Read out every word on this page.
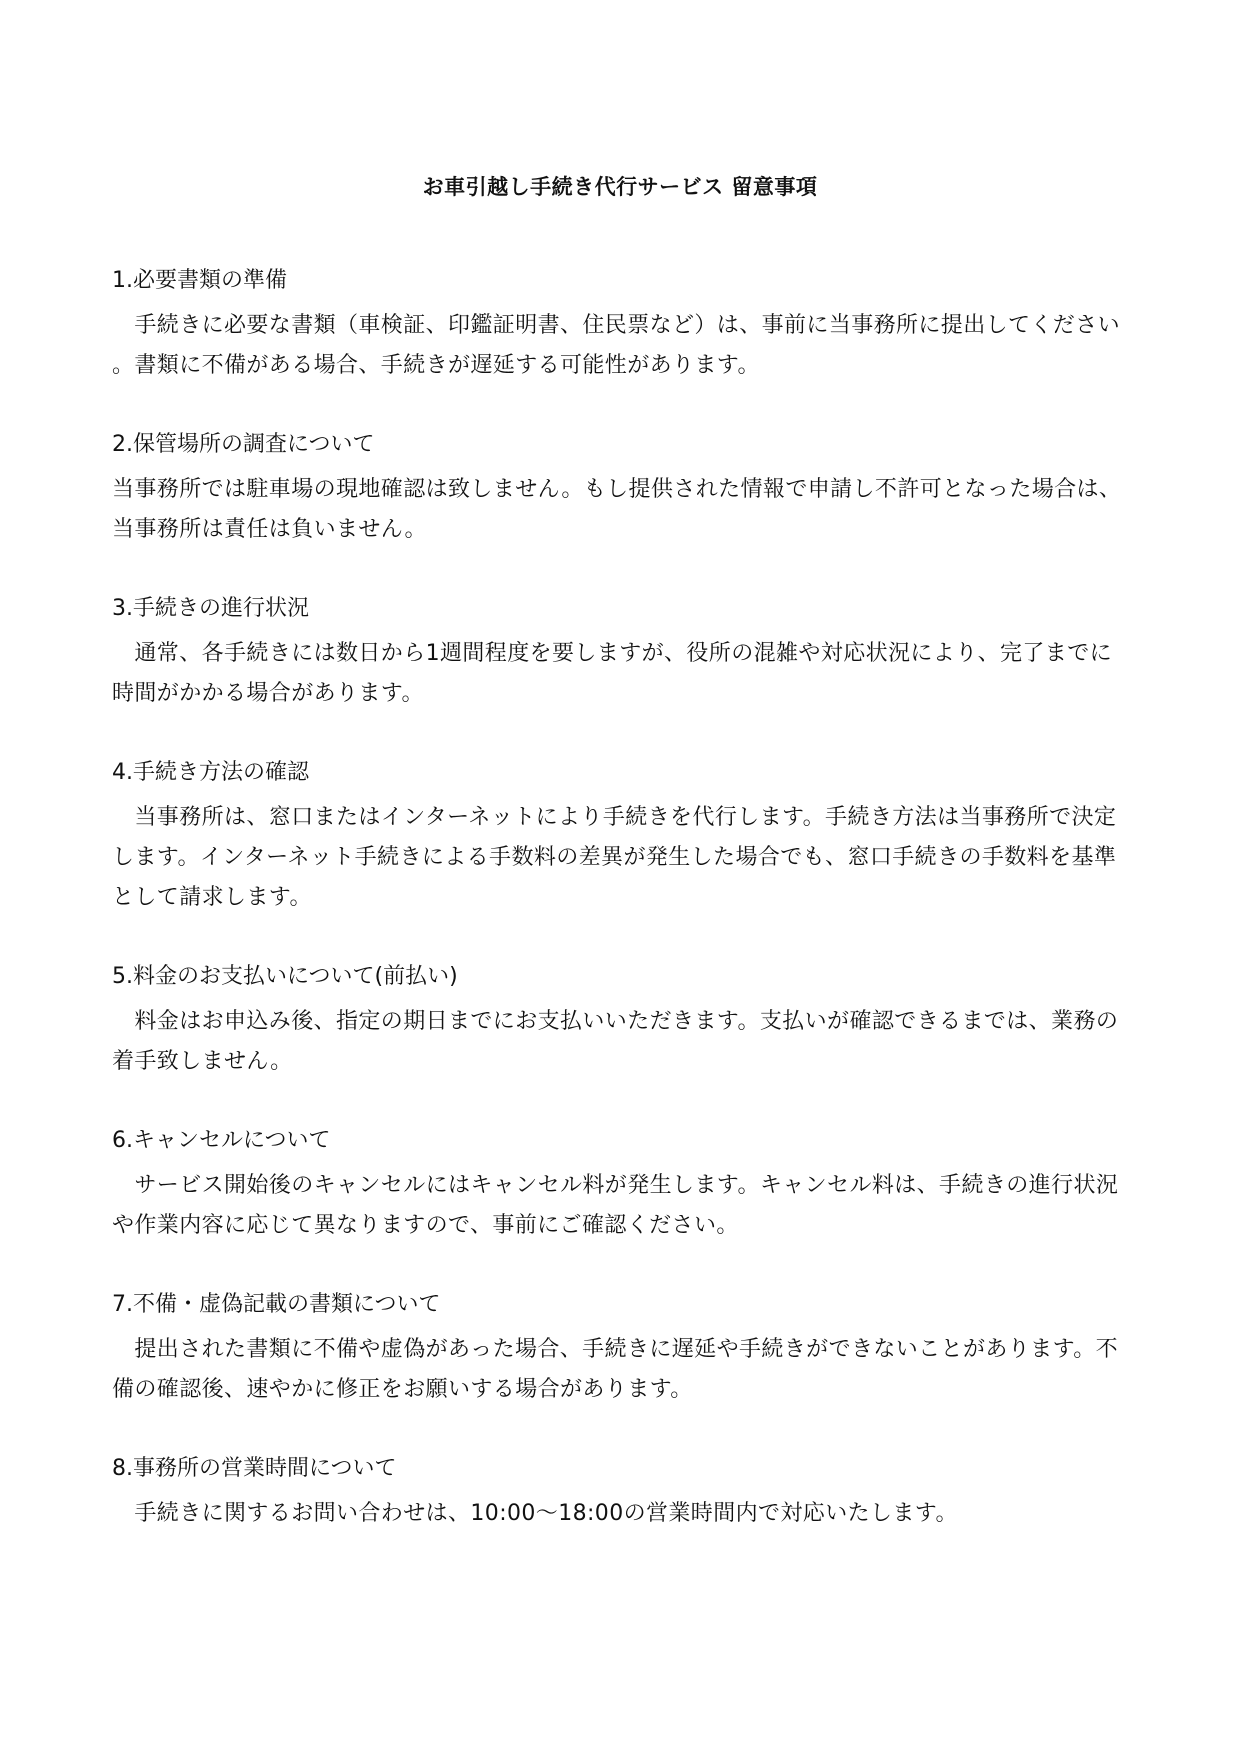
お車引越し手続き代行サービス 留意事項
1.必要書類の準備

　手続きに必要な書類（車検証、印鑑証明書、住民票など）は、事前に当事務所に提出してください。書類に不備がある場合、手続きが遅延する可能性があります。

2.保管場所の調査について

当事務所では駐車場の現地確認は致しません。もし提供された情報で申請し不許可となった場合は、当事務所は責任は負いません。

3.手続きの進行状況

　通常、各手続きには数日から1週間程度を要しますが、役所の混雑や対応状況により、完了までに時間がかかる場合があります。

4.手続き方法の確認

　当事務所は、窓口またはインターネットにより手続きを代行します。手続き方法は当事務所で決定します。インターネット手続きによる手数料の差異が発生した場合でも、窓口手続きの手数料を基準として請求します。

5.料金のお支払いについて(前払い)

　料金はお申込み後、指定の期日までにお支払いいただきます。支払いが確認できるまでは、業務の着手致しません。

6.キャンセルについて

　サービス開始後のキャンセルにはキャンセル料が発生します。キャンセル料は、手続きの進行状況や作業内容に応じて異なりますので、事前にご確認ください。

7.不備・虚偽記載の書類について

　提出された書類に不備や虚偽があった場合、手続きに遅延や手続きができないことがあります。不備の確認後、速やかに修正をお願いする場合があります。

8.事務所の営業時間について

　手続きに関するお問い合わせは、10:00～18:00の営業時間内で対応いたします。
